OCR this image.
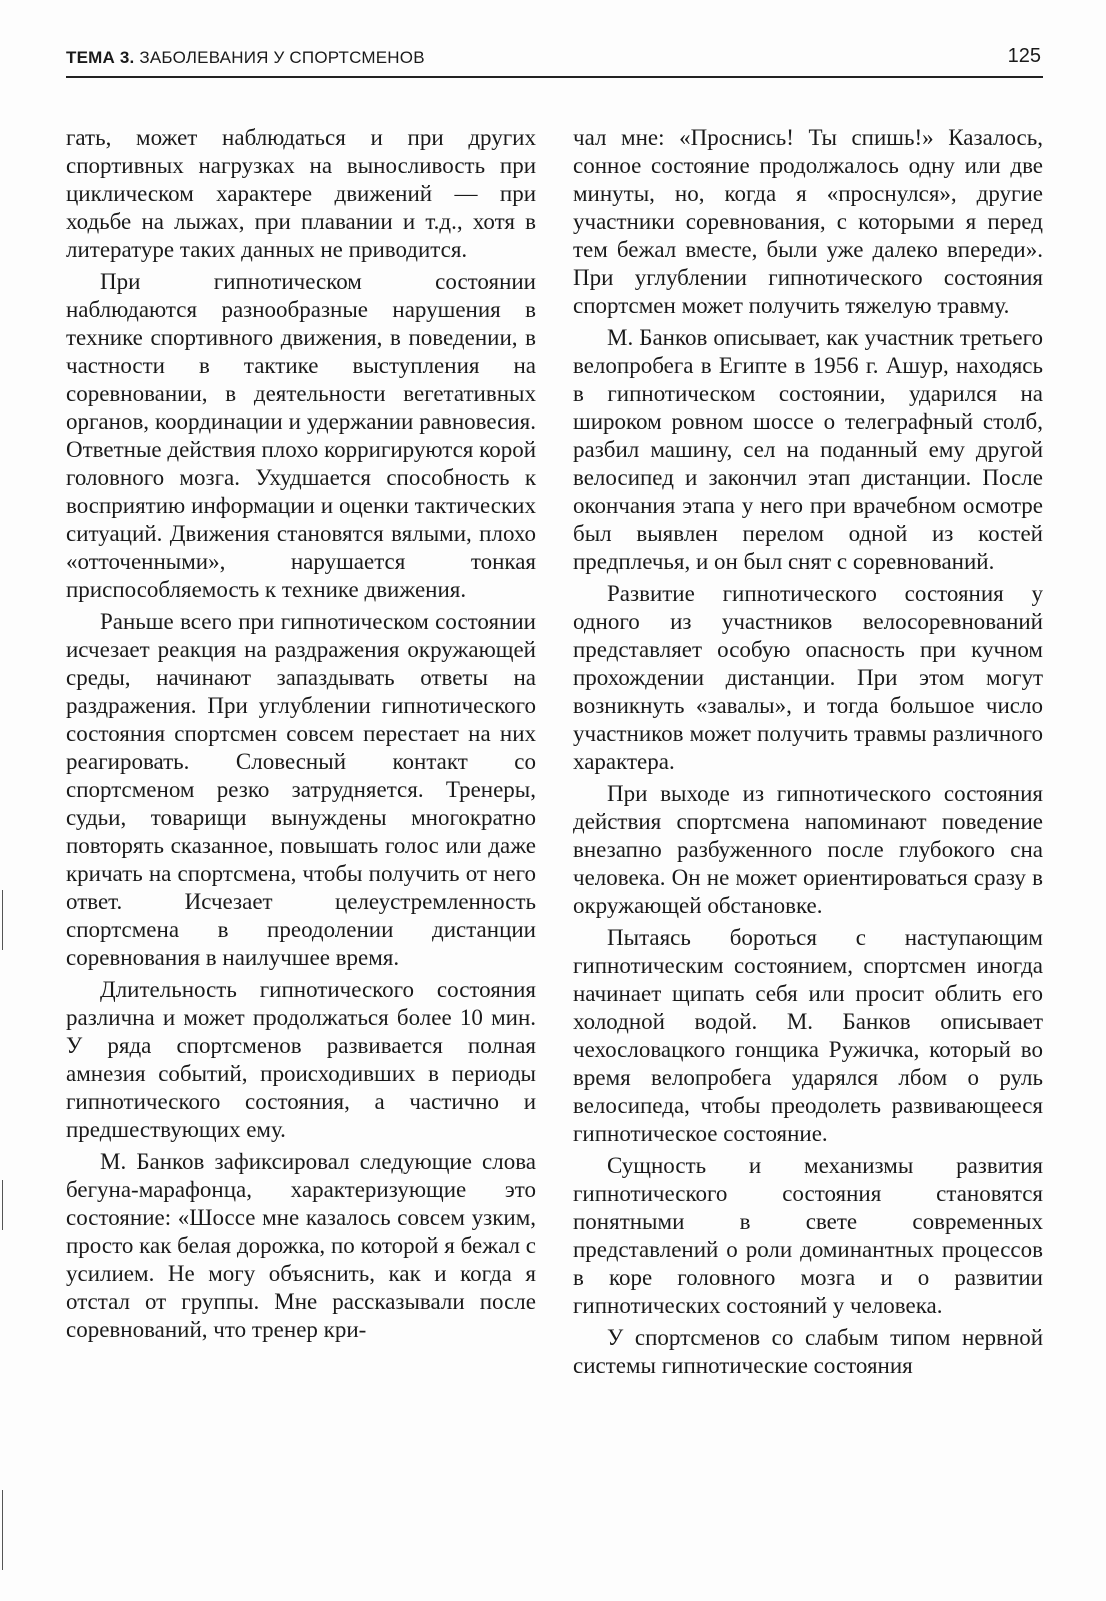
ТЕМА 3. ЗАБОЛЕВАНИЯ У СПОРТСМЕНОВ	125

гать, может наблюдаться и при других спортивных нагрузках на выносливость при циклическом характере движений — при ходьбе на лыжах, при плавании и т.д., хотя в литературе таких данных не приводится.

При гипнотическом состоянии наблюдаются разнообразные нарушения в технике спортивного движения, в поведении, в частности в тактике выступления на соревновании, в деятельности вегетативных органов, координации и удержании равновесия. Ответные действия плохо корригируются корой головного мозга. Ухудшается способность к восприятию информации и оценки тактических ситуаций. Движения становятся вялыми, плохо «отточенными», нарушается тонкая приспособляемость к технике движения.

Раньше всего при гипнотическом состоянии исчезает реакция на раздражения окружающей среды, начинают запаздывать ответы на раздражения. При углублении гипнотического состояния спортсмен совсем перестает на них реагировать. Словесный контакт со спортсменом резко затрудняется. Тренеры, судьи, товарищи вынуждены многократно повторять сказанное, повышать голос или даже кричать на спортсмена, чтобы получить от него ответ. Исчезает целеустремленность спортсмена в преодолении дистанции соревнования в наилучшее время.

Длительность гипнотического состояния различна и может продолжаться более 10 мин. У ряда спортсменов развивается полная амнезия событий, происходивших в периоды гипнотического состояния, а частично и предшествующих ему.

М. Банков зафиксировал следующие слова бегуна-марафонца, характеризующие это состояние: «Шоссе мне казалось совсем узким, просто как белая дорожка, по которой я бежал с усилием. Не могу объяснить, как и когда я отстал от группы. Мне рассказывали после соревнований, что тренер кри-

чал мне: «Проснись! Ты спишь!» Казалось, сонное состояние продолжалось одну или две минуты, но, когда я «проснулся», другие участники соревнования, с которыми я перед тем бежал вместе, были уже далеко впереди». При углублении гипнотического состояния спортсмен может получить тяжелую травму.

М. Банков описывает, как участник третьего велопробега в Египте в 1956 г. Ашур, находясь в гипнотическом состоянии, ударился на широком ровном шоссе о телеграфный столб, разбил машину, сел на поданный ему другой велосипед и закончил этап дистанции. После окончания этапа у него при врачебном осмотре был выявлен перелом одной из костей предплечья, и он был снят с соревнований.

Развитие гипнотического состояния у одного из участников велосоревнований представляет особую опасность при кучном прохождении дистанции. При этом могут возникнуть «завалы», и тогда большое число участников может получить травмы различного характера.

При выходе из гипнотического состояния действия спортсмена напоминают поведение внезапно разбуженного после глубокого сна человека. Он не может ориентироваться сразу в окружающей обстановке.

Пытаясь бороться с наступающим гипнотическим состоянием, спортсмен иногда начинает щипать себя или просит облить его холодной водой. М. Банков описывает чехословацкого гонщика Ружичка, который во время велопробега ударялся лбом о руль велосипеда, чтобы преодолеть развивающееся гипнотическое состояние.

Сущность и механизмы развития гипнотического состояния становятся понятными в свете современных представлений о роли доминантных процессов в коре головного мозга и о развитии гипнотических состояний у человека.

У спортсменов со слабым типом нервной системы гипнотические состояния
